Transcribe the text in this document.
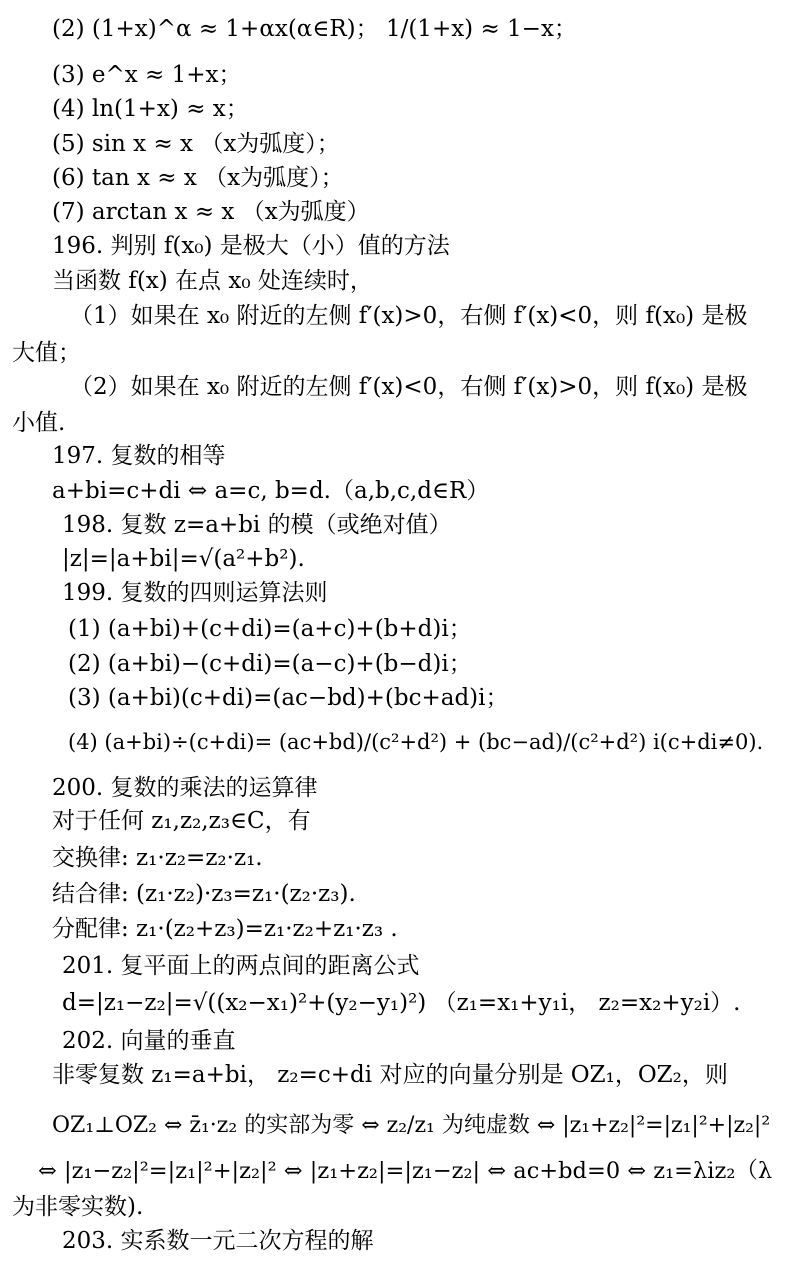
(2) (1+x)^α ≈ 1+αx(α∈R)； 1/(1+x) ≈ 1−x；
(3) e^x ≈ 1+x；
(4) ln(1+x) ≈ x；
(5) sin x ≈ x （x为弧度）；
(6) tan x ≈ x （x为弧度）；
(7) arctan x ≈ x （x为弧度）
196. 判别 f(x₀) 是极大（小）值的方法
当函数 f(x) 在点 x₀ 处连续时，
（1）如果在 x₀ 附近的左侧 f′(x)>0，右侧 f′(x)<0，则 f(x₀) 是极
大值；
（2）如果在 x₀ 附近的左侧 f′(x)<0，右侧 f′(x)>0，则 f(x₀) 是极
小值.
197. 复数的相等
a+bi=c+di ⇔ a=c, b=d.（a,b,c,d∈R）
198. 复数 z=a+bi 的模（或绝对值）
|z|=|a+bi|=√(a²+b²).
199. 复数的四则运算法则
(1) (a+bi)+(c+di)=(a+c)+(b+d)i；
(2) (a+bi)−(c+di)=(a−c)+(b−d)i；
(3) (a+bi)(c+di)=(ac−bd)+(bc+ad)i；
(4) (a+bi)÷(c+di)= (ac+bd)/(c²+d²) + (bc−ad)/(c²+d²) i(c+di≠0).
200. 复数的乘法的运算律
对于任何 z₁,z₂,z₃∈C，有
交换律: z₁·z₂=z₂·z₁.
结合律: (z₁·z₂)·z₃=z₁·(z₂·z₃).
分配律: z₁·(z₂+z₃)=z₁·z₂+z₁·z₃ .
201. 复平面上的两点间的距离公式
d=|z₁−z₂|=√((x₂−x₁)²+(y₂−y₁)²) （z₁=x₁+y₁i， z₂=x₂+y₂i）.
202. 向量的垂直
非零复数 z₁=a+bi， z₂=c+di 对应的向量分别是 OZ₁，OZ₂，则
OZ₁⊥OZ₂ ⇔ z̄₁·z₂ 的实部为零 ⇔ z₂/z₁ 为纯虚数 ⇔ |z₁+z₂|²=|z₁|²+|z₂|²
⇔ |z₁−z₂|²=|z₁|²+|z₂|² ⇔ |z₁+z₂|=|z₁−z₂| ⇔ ac+bd=0 ⇔ z₁=λiz₂（λ
为非零实数).
203. 实系数一元二次方程的解
